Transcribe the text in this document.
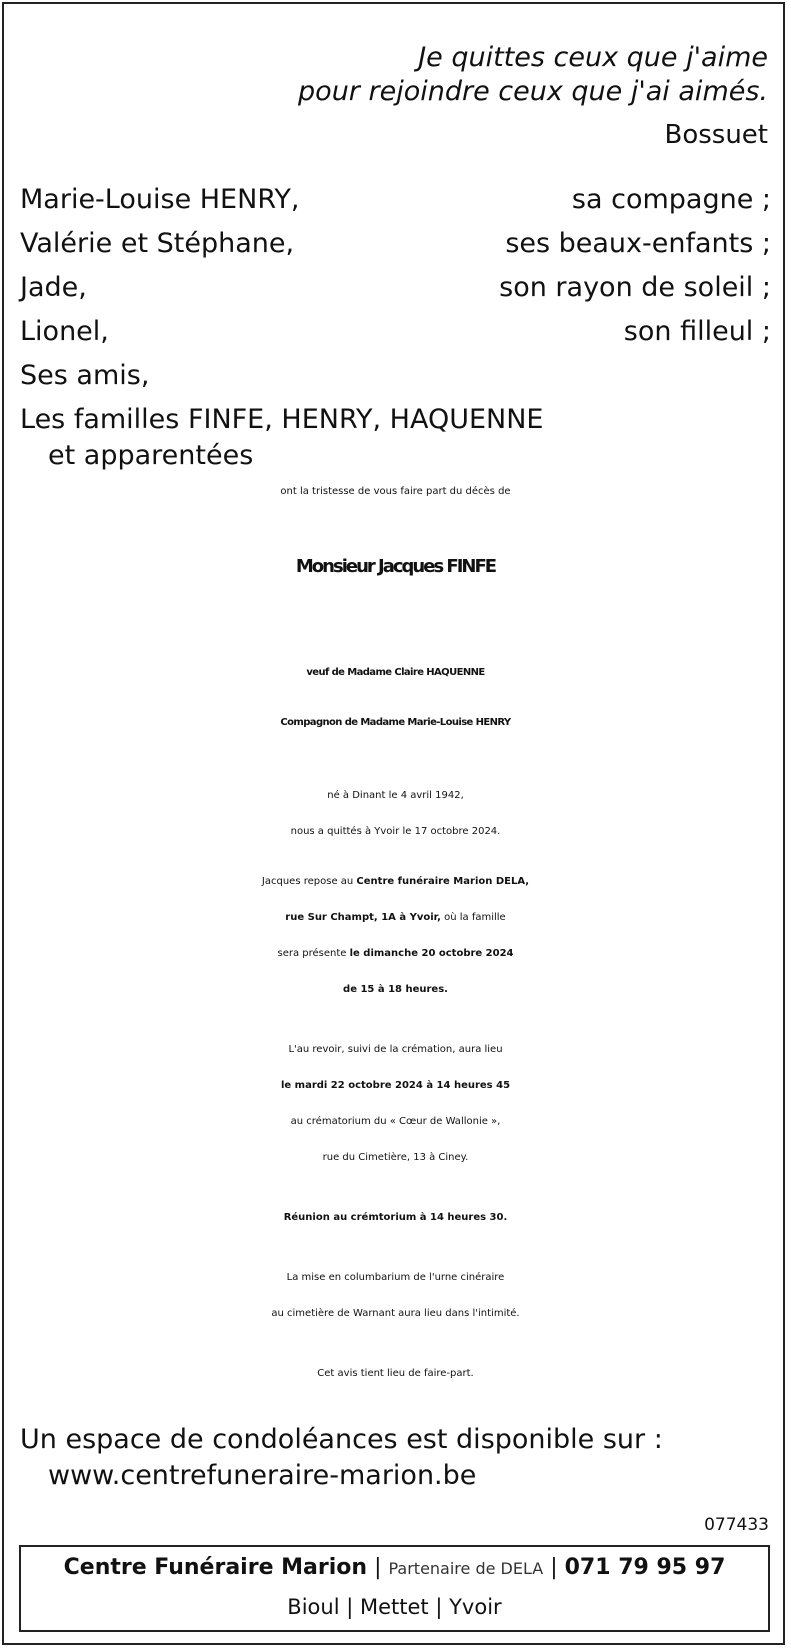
Je quittes ceux que j'aime
pour rejoindre ceux que j'ai aimés.
Bossuet
Marie-Louise HENRY,	sa compagne ;
Valérie et Stéphane,	ses beaux-enfants ;
Jade,	son rayon de soleil ;
Lionel,	son filleul ;
Ses amis,
Les familles FINFE, HENRY, HAQUENNE
et apparentées
ont la tristesse de vous faire part du décès de
Monsieur Jacques FINFE
veuf de Madame Claire HAQUENNE
Compagnon de Madame Marie-Louise HENRY
né à Dinant le 4 avril 1942,
nous a quittés à Yvoir le 17 octobre 2024.
Jacques repose au Centre funéraire Marion DELA,
rue Sur Champt, 1A à Yvoir, où la famille
sera présente le dimanche 20 octobre 2024
de 15 à 18 heures.
L'au revoir, suivi de la crémation, aura lieu
le mardi 22 octobre 2024 à 14 heures 45
au crématorium du « Cœur de Wallonie »,
rue du Cimetière, 13 à Ciney.
Réunion au crémtorium à 14 heures 30.
La mise en columbarium de l'urne cinéraire
au cimetière de Warnant aura lieu dans l'intimité.
Cet avis tient lieu de faire-part.
Un espace de condoléances est disponible sur :
www.centrefuneraire-marion.be
077433
Centre Funéraire Marion | Partenaire de DELA | 071 79 95 97
Bioul | Mettet | Yvoir
